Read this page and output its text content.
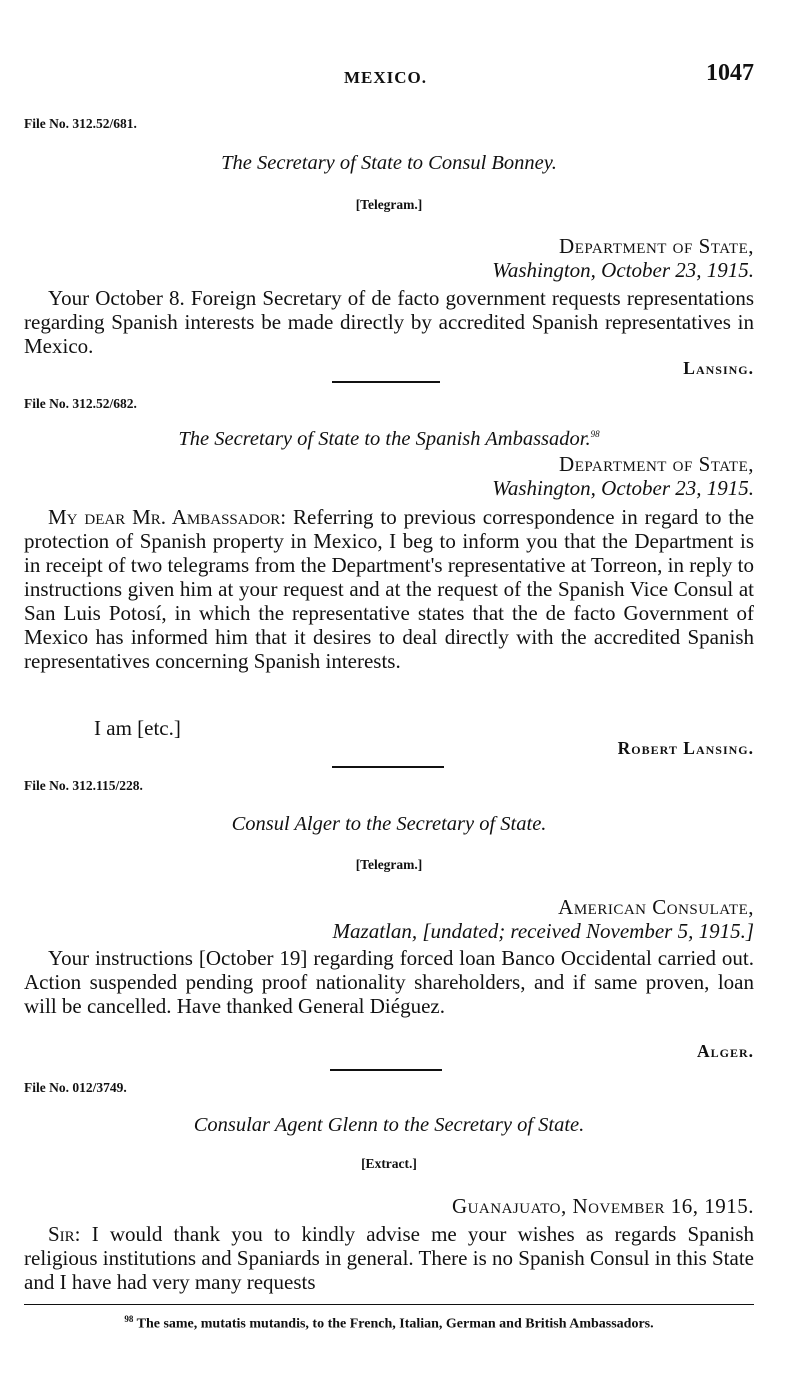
MEXICO.	1047
File No. 312.52/681.
The Secretary of State to Consul Bonney.
[Telegram.]
Department of State,
Washington, October 23, 1915.

Your October 8. Foreign Secretary of de facto government requests representations regarding Spanish interests be made directly by accredited Spanish representatives in Mexico.

Lansing.
File No. 312.52/682.
The Secretary of State to the Spanish Ambassador.$^{98}$
Department of State,
Washington, October 23, 1915.

My dear Mr. Ambassador: Referring to previous correspondence in regard to the protection of Spanish property in Mexico, I beg to inform you that the Department is in receipt of two telegrams from the Department's representative at Torreon, in reply to instructions given him at your request and at the request of the Spanish Vice Consul at San Luis Potosí, in which the representative states that the de facto Government of Mexico has informed him that it desires to deal directly with the accredited Spanish representatives concerning Spanish interests.

I am [etc.]
Robert Lansing.
File No. 312.115/228.
Consul Alger to the Secretary of State.
[Telegram.]
American Consulate,
Mazatlan, [undated; received November 5, 1915.]

Your instructions [October 19] regarding forced loan Banco Occidental carried out. Action suspended pending proof nationality shareholders, and if same proven, loan will be cancelled. Have thanked General Diéguez.

Alger.
File No. 012/3749.
Consular Agent Glenn to the Secretary of State.
[Extract.]
Guanajuato, November 16, 1915.

Sir: I would thank you to kindly advise me your wishes as regards Spanish religious institutions and Spaniards in general. There is no Spanish Consul in this State and I have had very many requests

$^{98}$ The same, mutatis mutandis, to the French, Italian, German and British Ambassadors.
